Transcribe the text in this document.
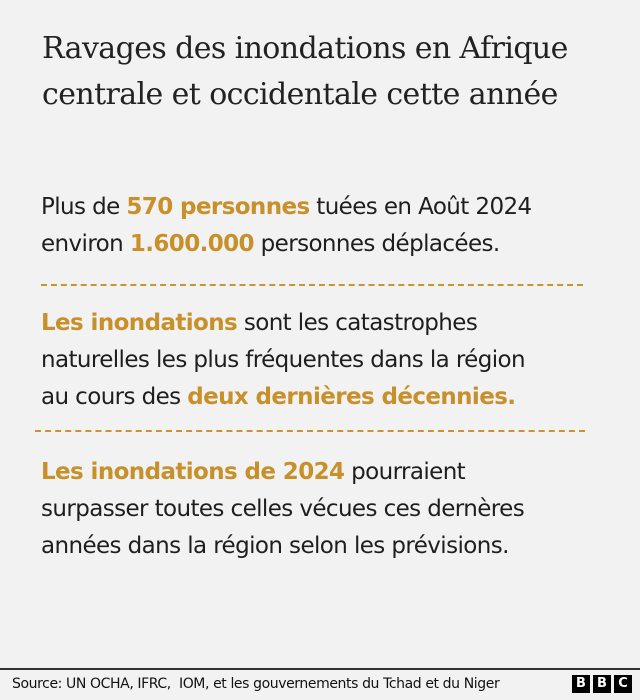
Ravages des inondations en Afrique centrale et occidentale cette année
Plus de 570 personnes tuées en Août 2024
environ 1.600.000 personnes déplacées.
Les inondations sont les catastrophes
naturelles les plus fréquentes dans la région
au cours des deux dernières décennies.
Les inondations de 2024 pourraient
surpasser toutes celles vécues ces dernères
années dans la région selon les prévisions.
Source: UN OCHA, IFRC,  IOM, et les gouvernements du Tchad et du Niger	B B C
